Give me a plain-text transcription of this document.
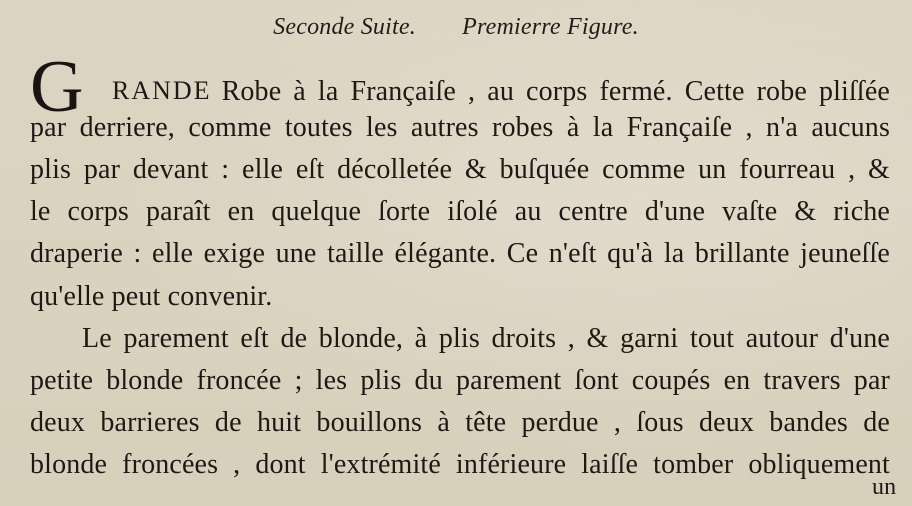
Seconde Suite. Premierre Figure.
G RANDE Robe à la Françaiſe , au corps fermé. Cette robe pliſſée
par derriere, comme toutes les autres robes à la Françaiſe , n'a aucuns
plis par devant : elle eſt décolletée & buſquée comme un fourreau , &
le corps paraît en quelque ſorte iſolé au centre d'une vaſte & riche
draperie : elle exige une taille élégante. Ce n'eſt qu'à la brillante jeuneſſe
qu'elle peut convenir.
Le parement eſt de blonde, à plis droits , & garni tout autour d'une
petite blonde froncée ; les plis du parement ſont coupés en travers par
deux barrieres de huit bouillons à tête perdue , ſous deux bandes de
blonde froncées , dont l'extrémité inférieure laiſſe tomber obliquement
un
